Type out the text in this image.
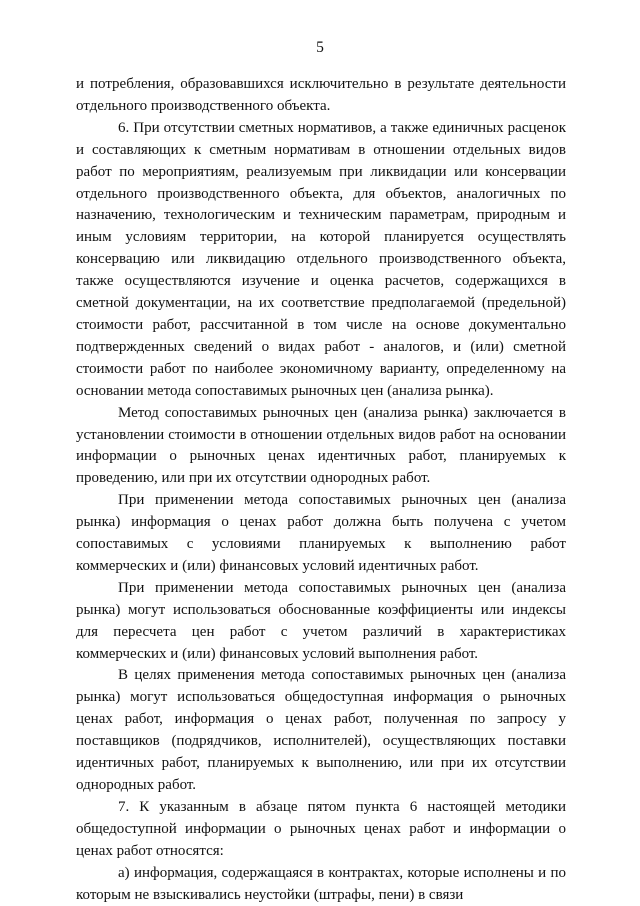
5

и потребления, образовавшихся исключительно в результате деятельности отдельного производственного объекта.

6. При отсутствии сметных нормативов, а также единичных расценок и составляющих к сметным нормативам в отношении отдельных видов работ по мероприятиям, реализуемым при ликвидации или консервации отдельного производственного объекта, для объектов, аналогичных по назначению, технологическим и техническим параметрам, природным и иным условиям территории, на которой планируется осуществлять консервацию или ликвидацию отдельного производственного объекта, также осуществляются изучение и оценка расчетов, содержащихся в сметной документации, на их соответствие предполагаемой (предельной) стоимости работ, рассчитанной в том числе на основе документально подтвержденных сведений о видах работ - аналогов, и (или) сметной стоимости работ по наиболее экономичному варианту, определенному на основании метода сопоставимых рыночных цен (анализа рынка).

Метод сопоставимых рыночных цен (анализа рынка) заключается в установлении стоимости в отношении отдельных видов работ на основании информации о рыночных ценах идентичных работ, планируемых к проведению, или при их отсутствии однородных работ.

При применении метода сопоставимых рыночных цен (анализа рынка) информация о ценах работ должна быть получена с учетом сопоставимых с условиями планируемых к выполнению работ коммерческих и (или) финансовых условий идентичных работ.

При применении метода сопоставимых рыночных цен (анализа рынка) могут использоваться обоснованные коэффициенты или индексы для пересчета цен работ с учетом различий в характеристиках коммерческих и (или) финансовых условий выполнения работ.

В целях применения метода сопоставимых рыночных цен (анализа рынка) могут использоваться общедоступная информация о рыночных ценах работ, информация о ценах работ, полученная по запросу у поставщиков (подрядчиков, исполнителей), осуществляющих поставки идентичных работ, планируемых к выполнению, или при их отсутствии однородных работ.

7. К указанным в абзаце пятом пункта 6 настоящей методики общедоступной информации о рыночных ценах работ и информации о ценах работ относятся:

а) информация, содержащаяся в контрактах, которые исполнены и по которым не взыскивались неустойки (штрафы, пени) в связи
